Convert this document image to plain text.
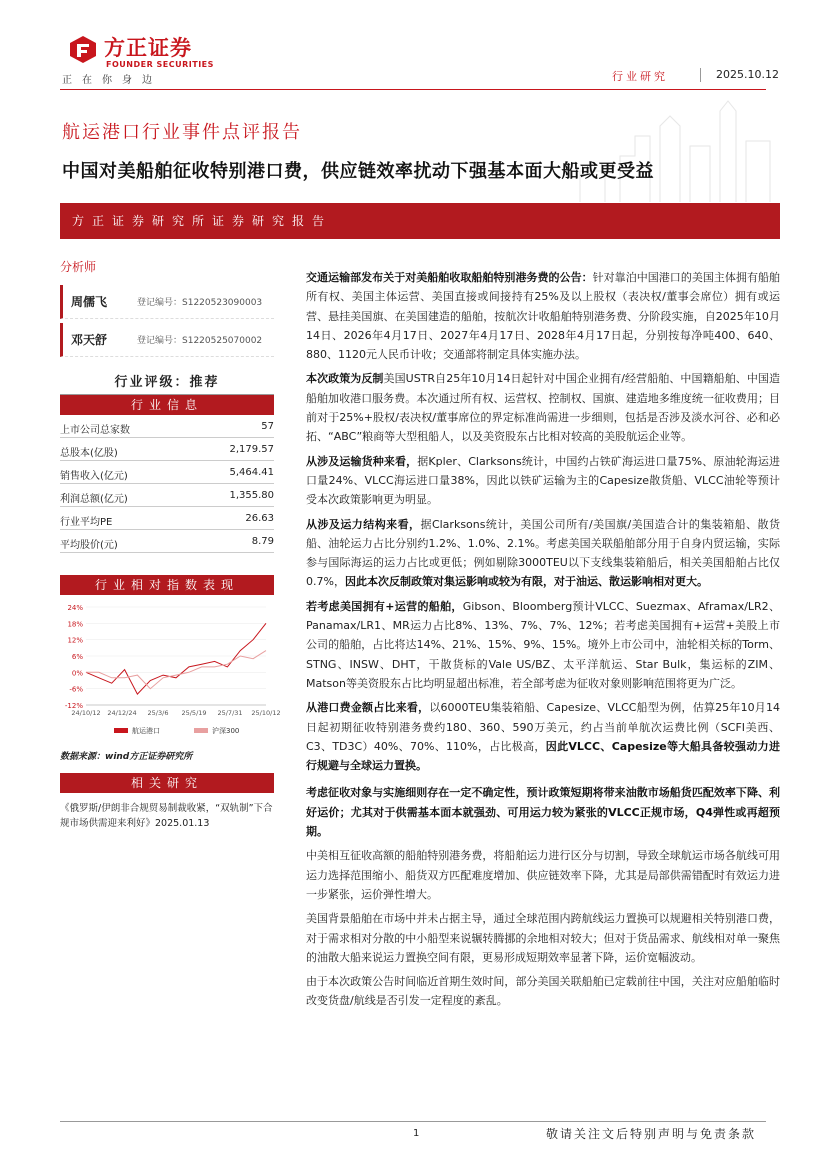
方正证券
FOUNDER SECURITIES
正在你身边	行业研究	2025.10.12
航运港口行业事件点评报告
中国对美船舶征收特别港口费，供应链效率扰动下强基本面大船或更受益
方正证券研究所证券研究报告
分析师
周儒飞	登记编号：S1220523090003
邓天舒	登记编号：S1220525070002
行业评级：推荐
行业信息
上市公司总家数	57
总股本(亿股)	2,179.57
销售收入(亿元)	5,464.41
利润总额(亿元)	1,355.80
行业平均PE	26.63
平均股价(元)	8.79
行业相对指数表现
24%
18%
12%
6%
0%
-6%
-12%
24/10/12 24/12/24 25/3/6 25/5/19 25/7/31 25/10/12
航运港口	沪深300
数据来源：wind方正证券研究所
相关研究
《俄罗斯/伊朗非合规贸易制裁收紧，“双轨制”下合规市场供需迎来利好》2025.01.13

交通运输部发布关于对美船舶收取船舶特别港务费的公告：针对靠泊中国港口的美国主体拥有船舶所有权、美国主体运营、美国直接或间接持有25%及以上股权（表决权/董事会席位）拥有或运营、悬挂美国旗、在美国建造的船舶，按航次计收船舶特别港务费、分阶段实施，自2025年10月14日、2026年4月17日、2027年4月17日、2028年4月17日起，分别按每净吨400、640、880、1120元人民币计收；交通部将制定具体实施办法。

本次政策为反制美国USTR自25年10月14日起针对中国企业拥有/经营船舶、中国籍船舶、中国造船舶加收港口服务费。本次通过所有权、运营权、控制权、国旗、建造地多维度统一征收费用；目前对于25%+股权/表决权/董事席位的界定标准尚需进一步细则，包括是否涉及淡水河谷、必和必拓、“ABC”粮商等大型租船人，以及美资股东占比相对较高的美股航运企业等。

从涉及运输货种来看，据Kpler、Clarksons统计，中国约占铁矿海运进口量75%、原油轮海运进口量24%、VLCC海运进口量38%，因此以铁矿运输为主的Capesize散货船、VLCC油轮等预计受本次政策影响更为明显。

从涉及运力结构来看，据Clarksons统计，美国公司所有/美国旗/美国造合计的集装箱船、散货船、油轮运力占比分别约1.2%、1.0%、2.1%。考虑美国关联船舶部分用于自身内贸运输，实际参与国际海运的运力占比或更低；例如剔除3000TEU以下支线集装箱船后，相关美国船舶占比仅0.7%，因此本次反制政策对集运影响或较为有限，对于油运、散运影响相对更大。

若考虑美国拥有+运营的船舶，Gibson、Bloomberg预计VLCC、Suezmax、Aframax/LR2、Panamax/LR1、MR运力占比8%、13%、7%、7%、12%；若考虑美国拥有+运营+美股上市公司的船舶，占比将达14%、21%、15%、9%、15%。境外上市公司中，油轮相关标的Torm、STNG、INSW、DHT，干散货标的Vale US/BZ、太平洋航运、Star Bulk，集运标的ZIM、Matson等美资股东占比均明显超出标准，若全部考虑为征收对象则影响范围将更为广泛。

从港口费金额占比来看，以6000TEU集装箱船、Capesize、VLCC船型为例，估算25年10月14日起初期征收特别港务费约180、360、590万美元，约占当前单航次运费比例（SCFI美西、C3、TD3C）40%、70%、110%，占比极高，因此VLCC、Capesize等大船具备较强动力进行规避与全球运力置换。

考虑征收对象与实施细则存在一定不确定性，预计政策短期将带来油散市场船货匹配效率下降、利好运价；尤其对于供需基本面本就强劲、可用运力较为紧张的VLCC正规市场，Q4弹性或再超预期。

中美相互征收高额的船舶特别港务费，将船舶运力进行区分与切割，导致全球航运市场各航线可用运力选择范围缩小、船货双方匹配难度增加、供应链效率下降，尤其是局部供需错配时有效运力进一步紧张，运价弹性增大。

美国背景船舶在市场中并未占据主导，通过全球范围内跨航线运力置换可以规避相关特别港口费，对于需求相对分散的中小船型来说辗转腾挪的余地相对较大；但对于货品需求、航线相对单一聚焦的油散大船来说运力置换空间有限，更易形成短期效率显著下降，运价宽幅波动。

由于本次政策公告时间临近首期生效时间，部分美国关联船舶已定载前往中国，关注对应船舶临时改变货盘/航线是否引发一定程度的紊乱。

1	敬请关注文后特别声明与免责条款
